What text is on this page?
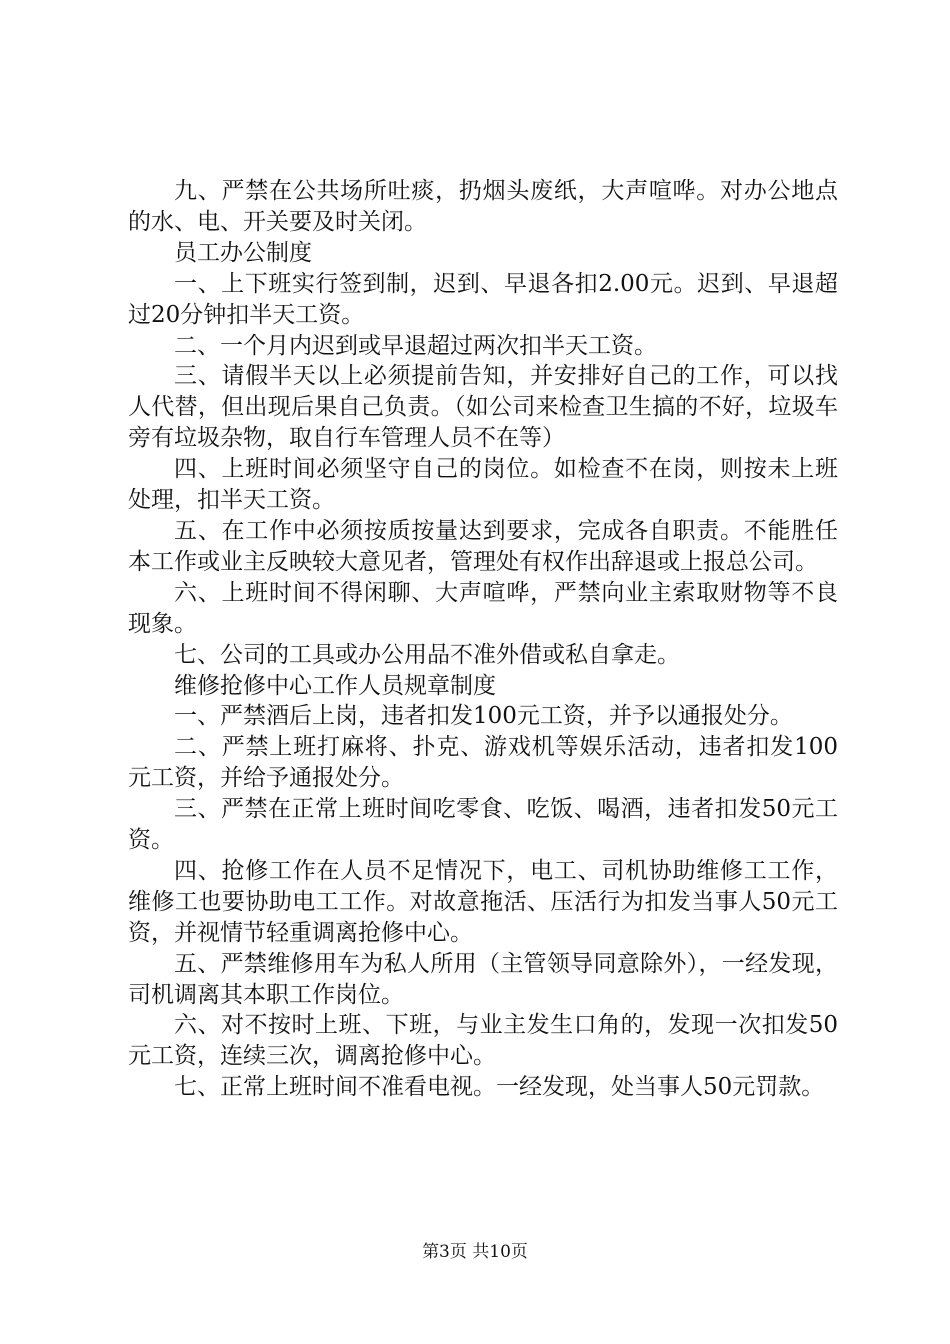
九、严禁在公共场所吐痰，扔烟头废纸，大声喧哗。对办公地点的水、电、开关要及时关闭。

员工办公制度

一、上下班实行签到制，迟到、早退各扣2.00元。迟到、早退超过20分钟扣半天工资。

二、一个月内迟到或早退超过两次扣半天工资。

三、请假半天以上必须提前告知，并安排好自己的工作，可以找人代替，但出现后果自己负责。（如公司来检查卫生搞的不好，垃圾车旁有垃圾杂物，取自行车管理人员不在等）

四、上班时间必须坚守自己的岗位。如检查不在岗，则按未上班处理，扣半天工资。

五、在工作中必须按质按量达到要求，完成各自职责。不能胜任本工作或业主反映较大意见者，管理处有权作出辞退或上报总公司。

六、上班时间不得闲聊、大声喧哗，严禁向业主索取财物等不良现象。

七、公司的工具或办公用品不准外借或私自拿走。

维修抢修中心工作人员规章制度

一、严禁酒后上岗，违者扣发100元工资，并予以通报处分。

二、严禁上班打麻将、扑克、游戏机等娱乐活动，违者扣发100元工资，并给予通报处分。

三、严禁在正常上班时间吃零食、吃饭、喝酒，违者扣发50元工资。

四、抢修工作在人员不足情况下，电工、司机协助维修工工作，维修工也要协助电工工作。对故意拖活、压活行为扣发当事人50元工资，并视情节轻重调离抢修中心。

五、严禁维修用车为私人所用（主管领导同意除外），一经发现，司机调离其本职工作岗位。

六、对不按时上班、下班，与业主发生口角的，发现一次扣发50元工资，连续三次，调离抢修中心。

七、正常上班时间不准看电视。一经发现，处当事人50元罚款。

第3页 共10页
